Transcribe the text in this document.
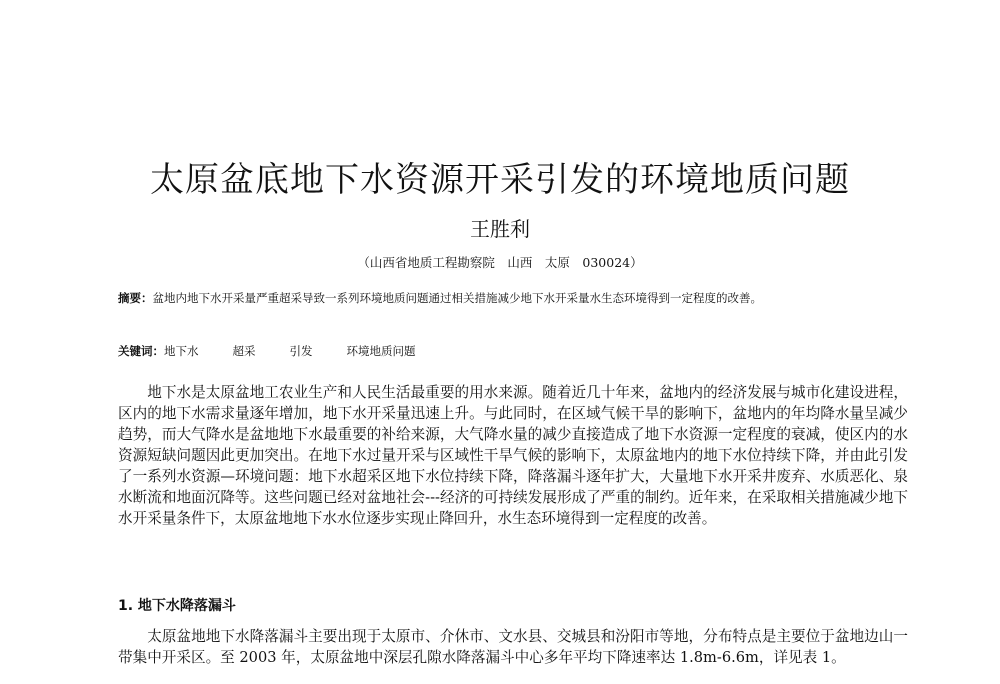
太原盆底地下水资源开采引发的环境地质问题
王胜利
（山西省地质工程勘察院　山西　太原　030024）
摘要：盆地内地下水开采量严重超采导致一系列环境地质问题通过相关措施减少地下水开采量水生态环境得到一定程度的改善。
关键词：地下水	超采	引发	环境地质问题

地下水是太原盆地工农业生产和人民生活最重要的用水来源。随着近几十年来，盆地内的经济发展与城市化建设进程，区内的地下水需求量逐年增加，地下水开采量迅速上升。与此同时，在区域气候干旱的影响下，盆地内的年均降水量呈减少趋势，而大气降水是盆地地下水最重要的补给来源，大气降水量的减少直接造成了地下水资源一定程度的衰减，使区内的水资源短缺问题因此更加突出。在地下水过量开采与区域性干旱气候的影响下，太原盆地内的地下水位持续下降，并由此引发了一系列水资源—环境问题：地下水超采区地下水位持续下降，降落漏斗逐年扩大，大量地下水开采井废弃、水质恶化、泉水断流和地面沉降等。这些问题已经对盆地社会---经济的可持续发展形成了严重的制约。近年来，在采取相关措施减少地下水开采量条件下，太原盆地地下水水位逐步实现止降回升，水生态环境得到一定程度的改善。

1. 地下水降落漏斗

太原盆地地下水降落漏斗主要出现于太原市、介休市、文水县、交城县和汾阳市等地，分布特点是主要位于盆地边山一带集中开采区。至 2003 年，太原盆地中深层孔隙水降落漏斗中心多年平均下降速率达 1.8m-6.6m，详见表 1。
